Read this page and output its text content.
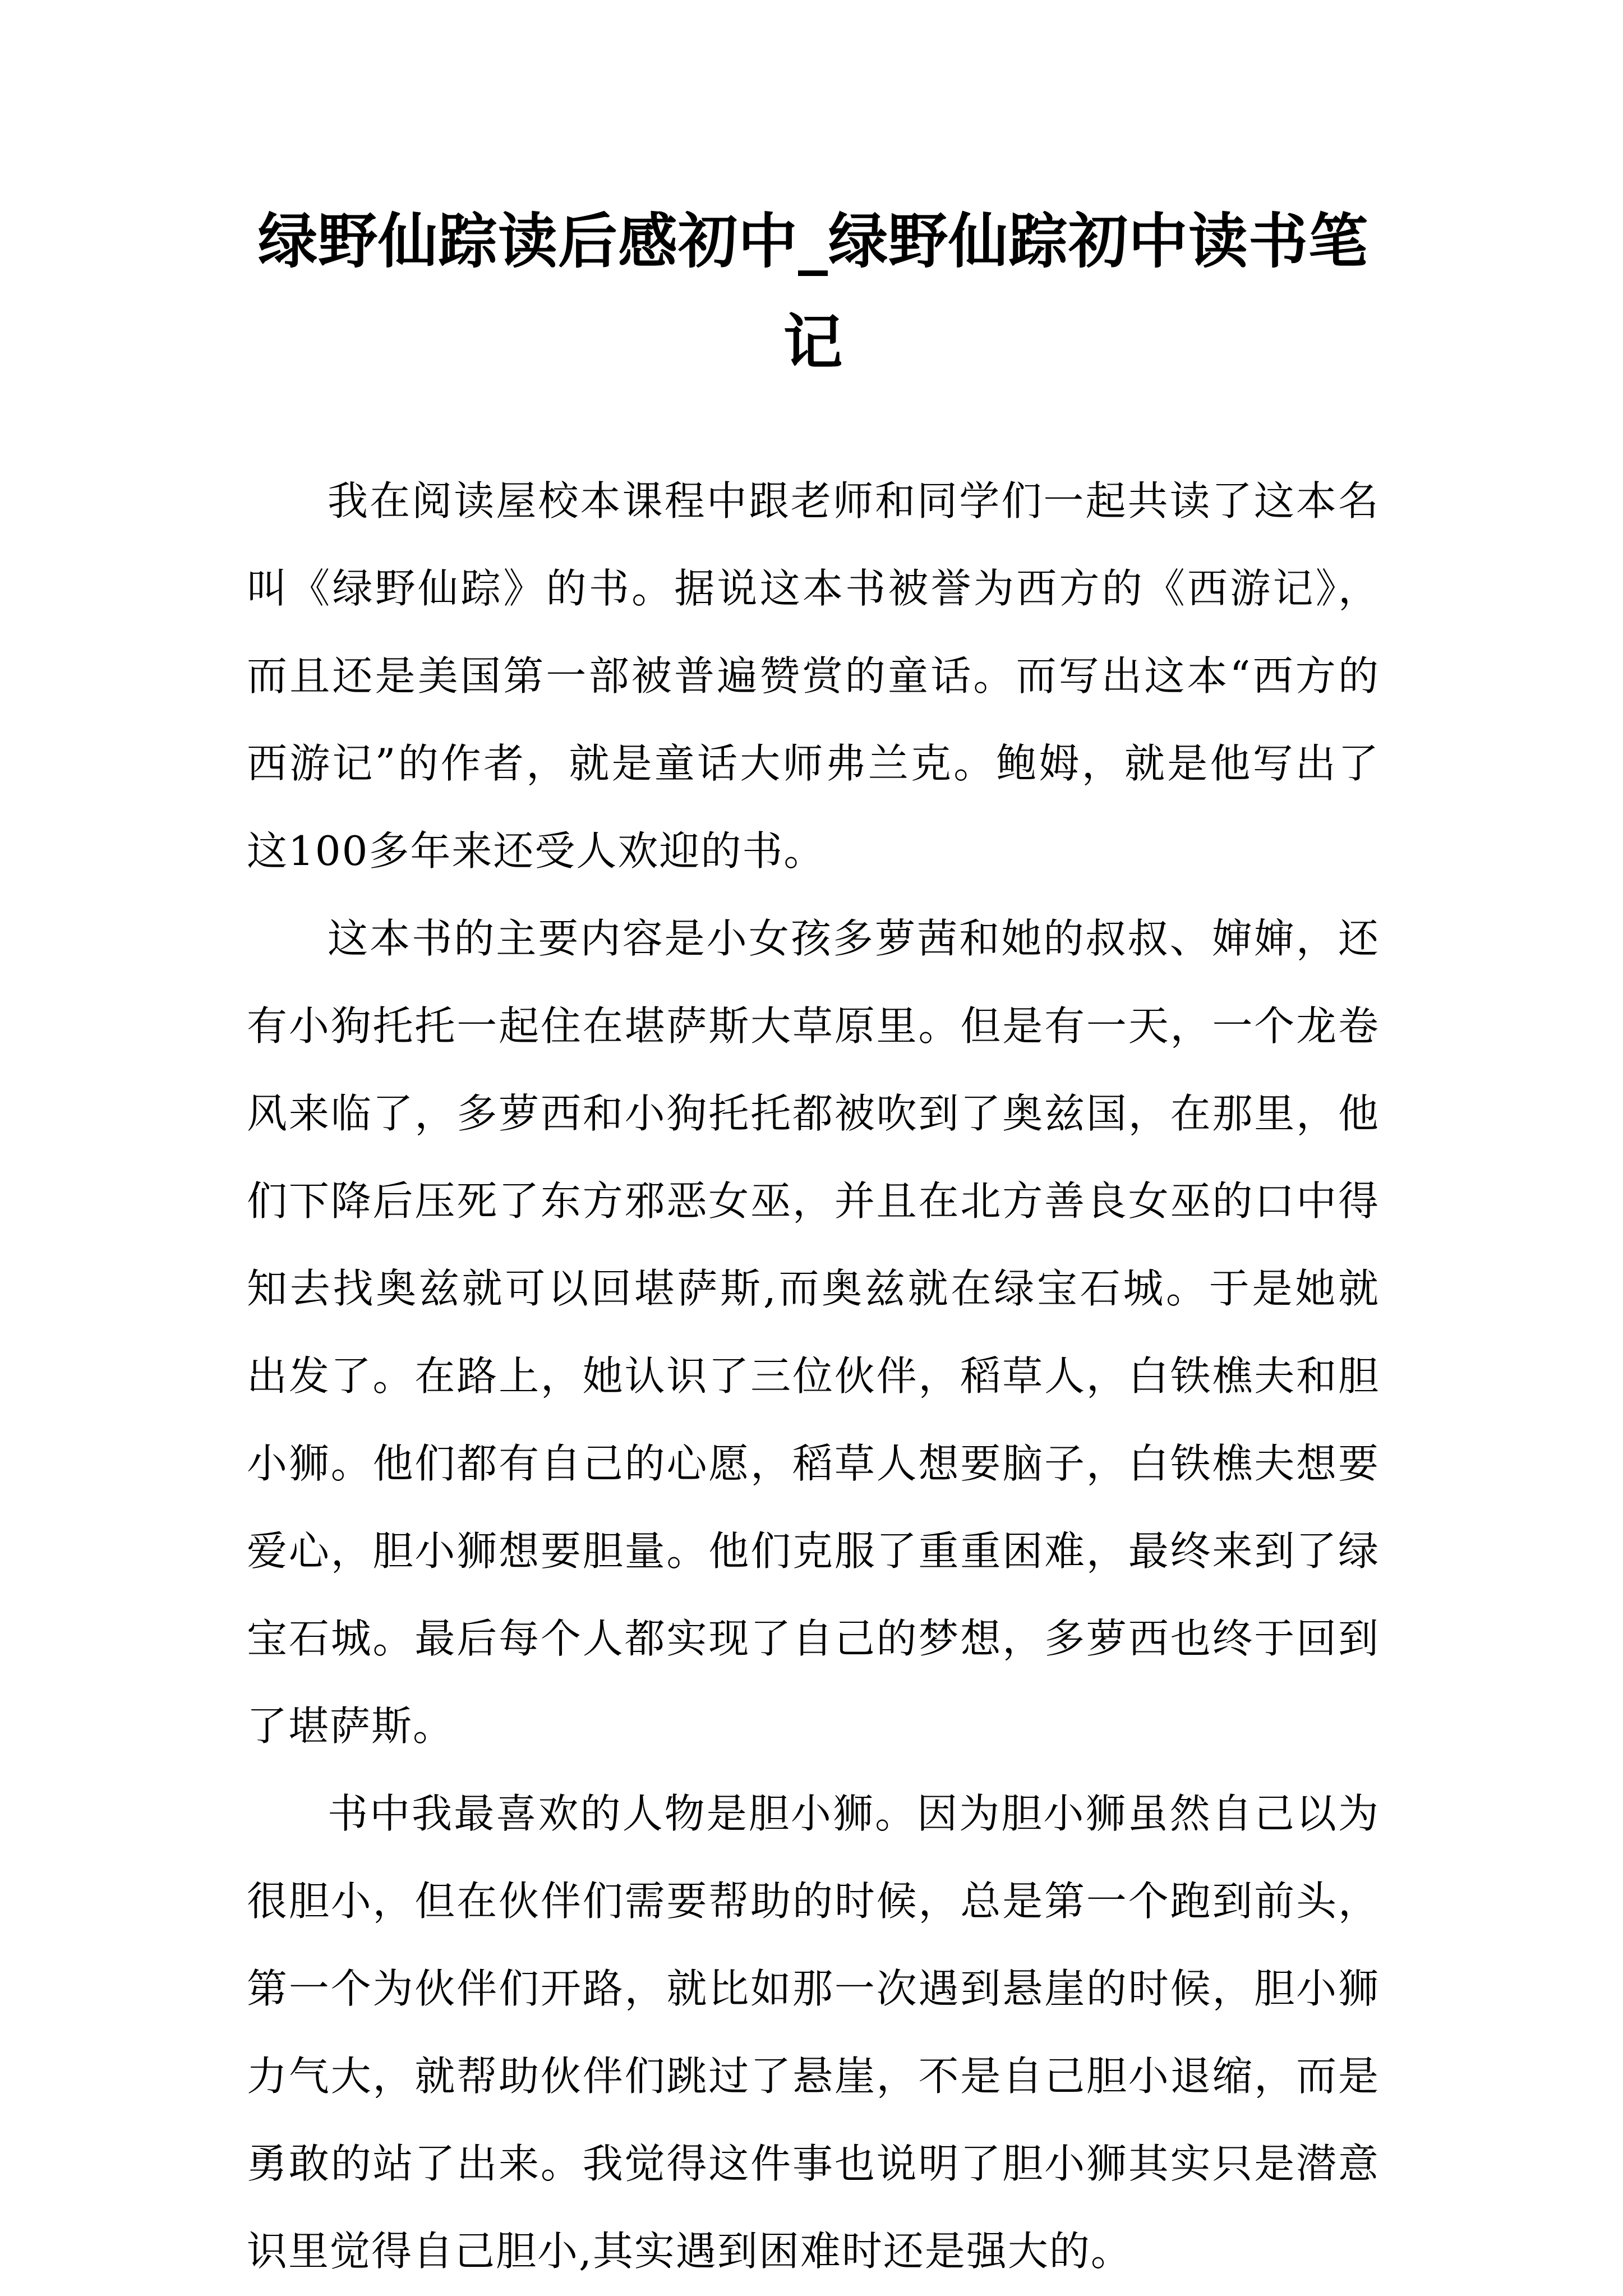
绿野仙踪读后感初中_绿野仙踪初中读书笔记

我在阅读屋校本课程中跟老师和同学们一起共读了这本名叫《绿野仙踪》的书。据说这本书被誉为西方的《西游记》，而且还是美国第一部被普遍赞赏的童话。而写出这本“西方的西游记”的作者，就是童话大师弗兰克。鲍姆，就是他写出了这100多年来还受人欢迎的书。

这本书的主要内容是小女孩多萝茜和她的叔叔、婶婶，还有小狗托托一起住在堪萨斯大草原里。但是有一天，一个龙卷风来临了，多萝西和小狗托托都被吹到了奥兹国，在那里，他们下降后压死了东方邪恶女巫，并且在北方善良女巫的口中得知去找奥兹就可以回堪萨斯,而奥兹就在绿宝石城。于是她就出发了。在路上，她认识了三位伙伴，稻草人，白铁樵夫和胆小狮。他们都有自己的心愿，稻草人想要脑子，白铁樵夫想要爱心，胆小狮想要胆量。他们克服了重重困难，最终来到了绿宝石城。最后每个人都实现了自己的梦想，多萝西也终于回到了堪萨斯。

书中我最喜欢的人物是胆小狮。因为胆小狮虽然自己以为很胆小，但在伙伴们需要帮助的时候，总是第一个跑到前头，第一个为伙伴们开路，就比如那一次遇到悬崖的时候，胆小狮力气大，就帮助伙伴们跳过了悬崖，不是自己胆小退缩，而是勇敢的站了出来。我觉得这件事也说明了胆小狮其实只是潜意识里觉得自己胆小,其实遇到困难时还是强大的。
